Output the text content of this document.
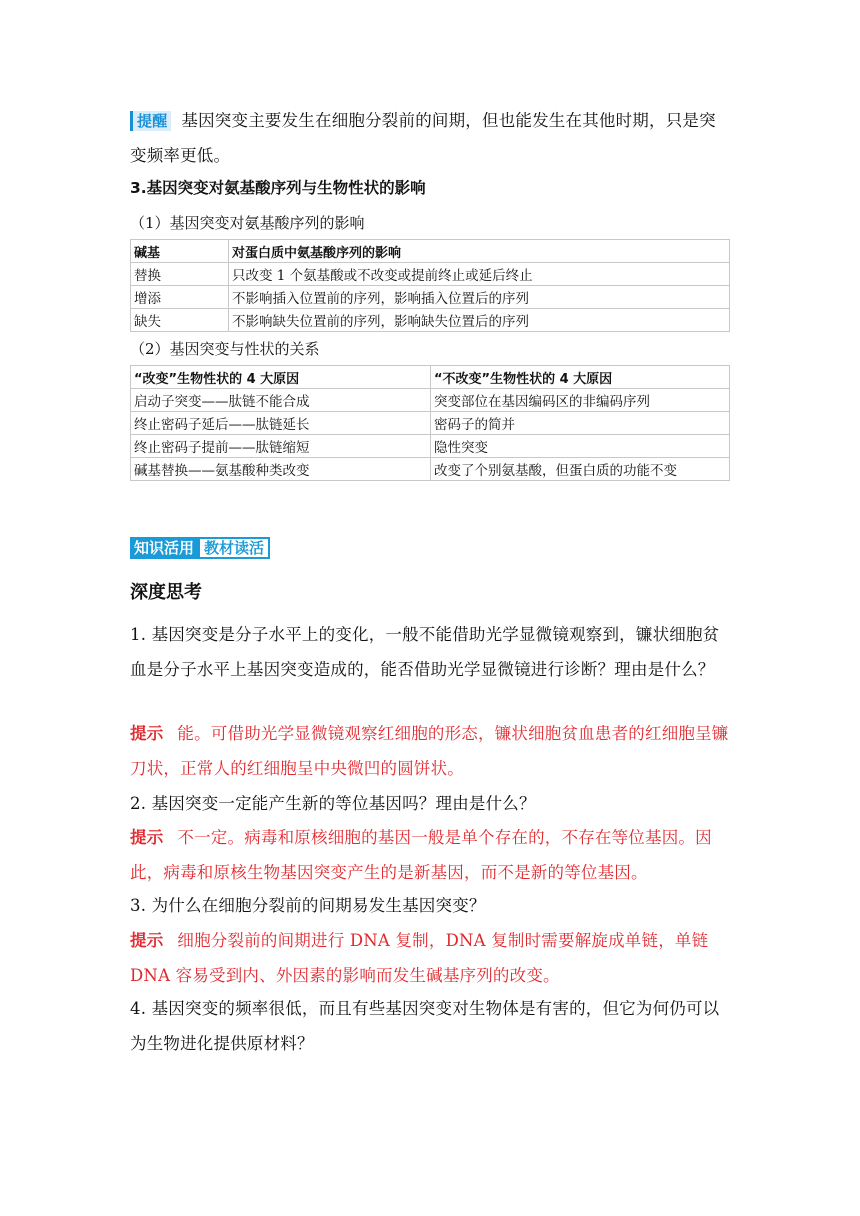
提醒 基因突变主要发生在细胞分裂前的间期，但也能发生在其他时期，只是突变频率更低。

3.基因突变对氨基酸序列与生物性状的影响

（1）基因突变对氨基酸序列的影响

碱基	对蛋白质中氨基酸序列的影响
替换	只改变 1 个氨基酸或不改变或提前终止或延后终止
增添	不影响插入位置前的序列，影响插入位置后的序列
缺失	不影响缺失位置前的序列，影响缺失位置后的序列

（2）基因突变与性状的关系

“改变”生物性状的 4 大原因	“不改变”生物性状的 4 大原因
启动子突变——肽链不能合成	突变部位在基因编码区的非编码序列
终止密码子延后——肽链延长	密码子的简并
终止密码子提前——肽链缩短	隐性突变
碱基替换——氨基酸种类改变	改变了个别氨基酸，但蛋白质的功能不变
知识活用 教材读活

深度思考

1. 基因突变是分子水平上的变化，一般不能借助光学显微镜观察到，镰状细胞贫血是分子水平上基因突变造成的，能否借助光学显微镜进行诊断？理由是什么？

提示 能。可借助光学显微镜观察红细胞的形态，镰状细胞贫血患者的红细胞呈镰刀状，正常人的红细胞呈中央微凹的圆饼状。

2. 基因突变一定能产生新的等位基因吗？理由是什么？

提示 不一定。病毒和原核细胞的基因一般是单个存在的，不存在等位基因。因此，病毒和原核生物基因突变产生的是新基因，而不是新的等位基因。

3. 为什么在细胞分裂前的间期易发生基因突变？

提示 细胞分裂前的间期进行 DNA 复制，DNA 复制时需要解旋成单链，单链 DNA 容易受到内、外因素的影响而发生碱基序列的改变。

4. 基因突变的频率很低，而且有些基因突变对生物体是有害的，但它为何仍可以为生物进化提供原材料？
